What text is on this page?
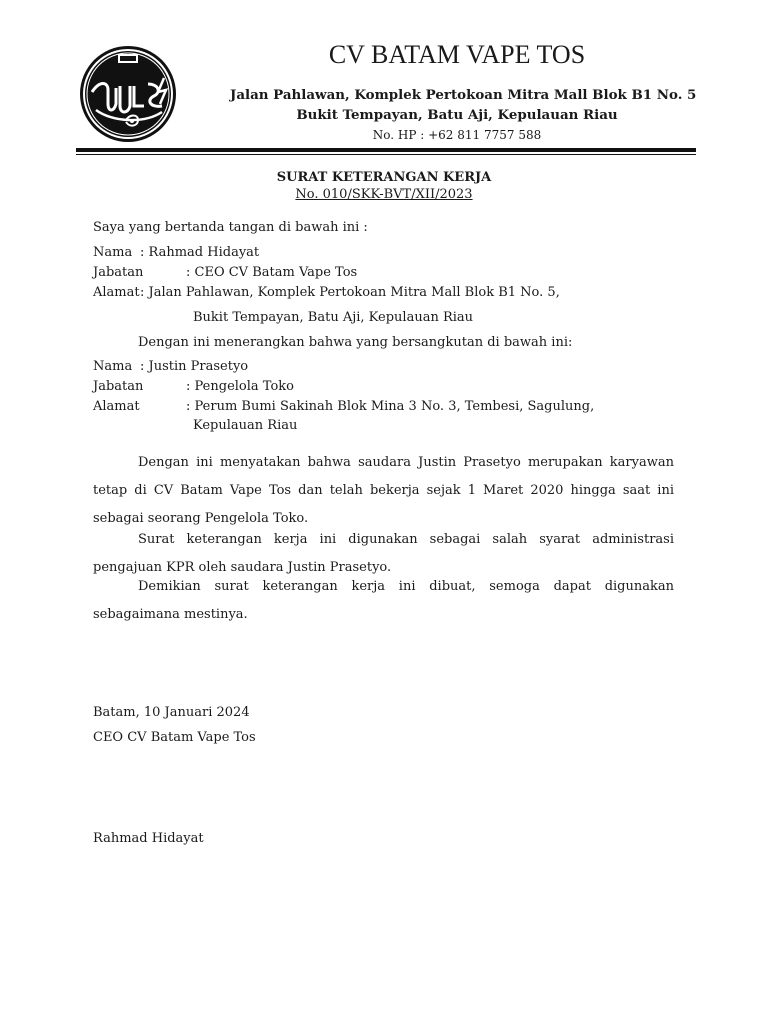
CV BATAM VAPE TOS
Jalan Pahlawan, Komplek Pertokoan Mitra Mall Blok B1 No. 5
Bukit Tempayan, Batu Aji, Kepulauan Riau
No. HP : +62 811 7757 588
SURAT KETERANGAN KERJA
No. 010/SKK-BVT/XII/2023
Saya yang bertanda tangan di bawah ini :
Nama : Rahmad Hidayat
Jabatan	: CEO CV Batam Vape Tos
Alamat : Jalan Pahlawan, Komplek Pertokoan Mitra Mall Blok B1 No. 5,
Bukit Tempayan, Batu Aji, Kepulauan Riau
Dengan ini menerangkan bahwa yang bersangkutan di bawah ini:
Nama : Justin Prasetyo
Jabatan	: Pengelola Toko
Alamat	: Perum Bumi Sakinah Blok Mina 3 No. 3, Tembesi, Sagulung,
Kepulauan Riau
Dengan ini menyatakan bahwa saudara Justin Prasetyo merupakan karyawan tetap di CV Batam Vape Tos dan telah bekerja sejak 1 Maret 2020 hingga saat ini sebagai seorang Pengelola Toko.
Surat keterangan kerja ini digunakan sebagai salah syarat administrasi pengajuan KPR oleh saudara Justin Prasetyo.
Demikian surat keterangan kerja ini dibuat, semoga dapat digunakan sebagaimana mestinya.
Batam, 10 Januari 2024
CEO CV Batam Vape Tos
Rahmad Hidayat
